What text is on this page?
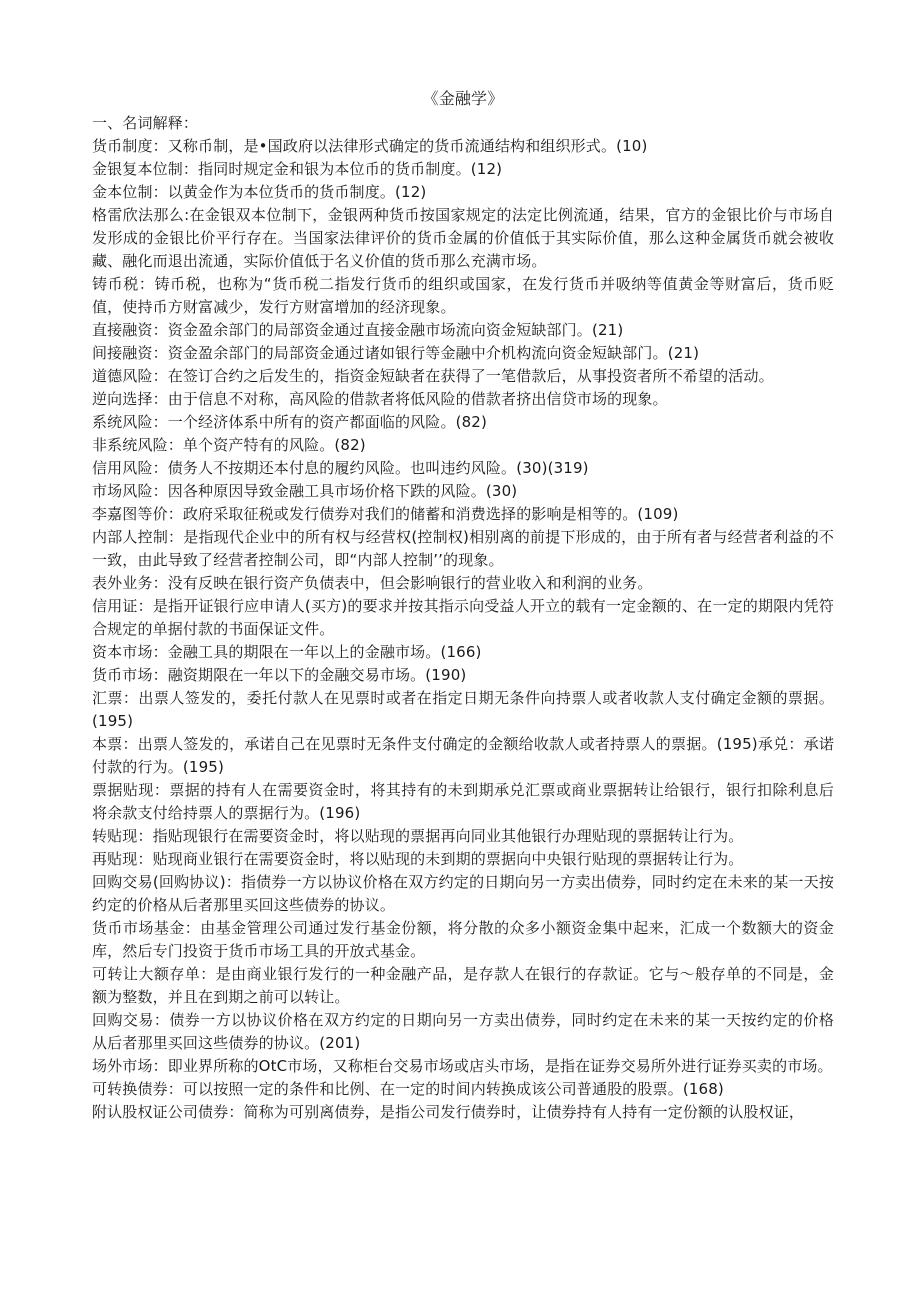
《金融学》
一、名词解释：

货币制度：又称币制，是•国政府以法律形式确定的货币流通结构和组织形式。(10)

金银复本位制：指同时规定金和银为本位币的货币制度。(12)

金本位制：以黄金作为本位货币的货币制度。(12)

格雷欣法那么:在金银双本位制下，金银两种货币按国家规定的法定比例流通，结果，官方的金银比价与市场自发形成的金银比价平行存在。当国家法律评价的货币金属的价值低于其实际价值，那么这种金属货币就会被收藏、融化而退出流通，实际价值低于名义价值的货币那么充满市场。

铸币税：铸币税，也称为“货币税二指发行货币的组织或国家，在发行货币并吸纳等值黄金等财富后，货币贬值，使持币方财富减少，发行方财富增加的经济现象。

直接融资：资金盈余部门的局部资金通过直接金融市场流向资金短缺部门。(21)

间接融资：资金盈余部门的局部资金通过诸如银行等金融中介机构流向资金短缺部门。(21)

道德风险：在签订合约之后发生的，指资金短缺者在获得了一笔借款后，从事投资者所不希望的活动。

逆向选择：由于信息不对称，高风险的借款者将低风险的借款者挤出信贷市场的现象。

系统风险：一个经济体系中所有的资产都面临的风险。(82)

非系统风险：单个资产特有的风险。(82)

信用风险：债务人不按期还本付息的履约风险。也叫违约风险。(30)(319)

市场风险：因各种原因导致金融工具市场价格下跌的风险。(30)

李嘉图等价：政府采取征税或发行债券对我们的储蓄和消费选择的影响是相等的。(109)

内部人控制：是指现代企业中的所有权与经营权(控制权)相别离的前提下形成的，由于所有者与经营者利益的不一致，由此导致了经营者控制公司，即“内部人控制’’的现象。

表外业务：没有反映在银行资产负债表中，但会影响银行的营业收入和利润的业务。

信用证：是指开证银行应申请人(买方)的要求并按其指示向受益人开立的载有一定金额的、在一定的期限内凭符合规定的单据付款的书面保证文件。

资本市场：金融工具的期限在一年以上的金融市场。(166)

货币市场：融资期限在一年以下的金融交易市场。(190)

汇票：出票人签发的，委托付款人在见票时或者在指定日期无条件向持票人或者收款人支付确定金额的票据。(195)

本票：出票人签发的，承诺自己在见票时无条件支付确定的金额给收款人或者持票人的票据。(195)承兑：承诺付款的行为。(195)

票据贴现：票据的持有人在需要资金时，将其持有的未到期承兑汇票或商业票据转让给银行，银行扣除利息后将余款支付给持票人的票据行为。(196)

转贴现：指贴现银行在需要资金时，将以贴现的票据再向同业其他银行办理贴现的票据转让行为。

再贴现：贴现商业银行在需要资金时，将以贴现的未到期的票据向中央银行贴现的票据转让行为。

回购交易(回购协议)：指债券一方以协议价格在双方约定的日期向另一方卖出债券，同时约定在未来的某一天按约定的价格从后者那里买回这些债券的协议。

货币市场基金：由基金管理公司通过发行基金份额，将分散的众多小额资金集中起来，汇成一个数额大的资金库，然后专门投资于货币市场工具的开放式基金。

可转让大额存单：是由商业银行发行的一种金融产品，是存款人在银行的存款证。它与～般存单的不同是，金额为整数，并且在到期之前可以转让。

回购交易：债券一方以协议价格在双方约定的日期向另一方卖出债券，同时约定在未来的某一天按约定的价格从后者那里买回这些债券的协议。(201)

场外市场：即业界所称的OtC市场，又称柜台交易市场或店头市场，是指在证券交易所外进行证券买卖的市场。

可转换债券：可以按照一定的条件和比例、在一定的时间内转换成该公司普通股的股票。(168)

附认股权证公司债券：简称为可别离债券，是指公司发行债券时，让债券持有人持有一定份额的认股权证，
